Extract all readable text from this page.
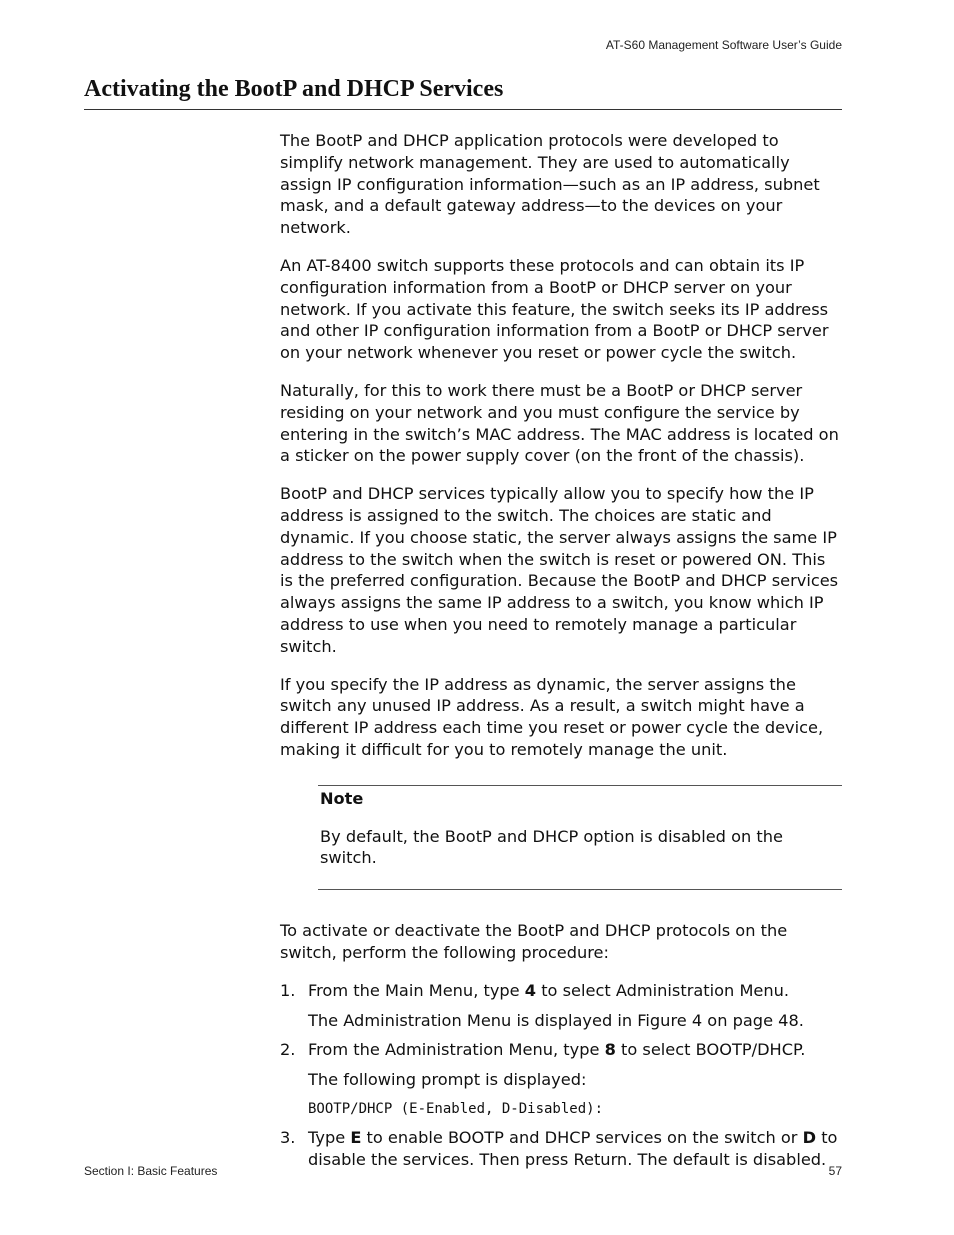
AT-S60 Management Software User’s Guide
Activating the BootP and DHCP Services

The BootP and DHCP application protocols were developed to simplify network management. They are used to automatically assign IP configuration information—such as an IP address, subnet mask, and a default gateway address—to the devices on your network.

An AT-8400 switch supports these protocols and can obtain its IP configuration information from a BootP or DHCP server on your network. If you activate this feature, the switch seeks its IP address and other IP configuration information from a BootP or DHCP server on your network whenever you reset or power cycle the switch.

Naturally, for this to work there must be a BootP or DHCP server residing on your network and you must configure the service by entering in the switch’s MAC address. The MAC address is located on a sticker on the power supply cover (on the front of the chassis).

BootP and DHCP services typically allow you to specify how the IP address is assigned to the switch. The choices are static and dynamic. If you choose static, the server always assigns the same IP address to the switch when the switch is reset or powered ON. This is the preferred configuration. Because the BootP and DHCP services always assigns the same IP address to a switch, you know which IP address to use when you need to remotely manage a particular switch.

If you specify the IP address as dynamic, the server assigns the switch any unused IP address. As a result, a switch might have a different IP address each time you reset or power cycle the device, making it difficult for you to remotely manage the unit.

Note

By default, the BootP and DHCP option is disabled on the switch.

To activate or deactivate the BootP and DHCP protocols on the switch, perform the following procedure:

1. From the Main Menu, type 4 to select Administration Menu.
The Administration Menu is displayed in Figure 4 on page 48.
2. From the Administration Menu, type 8 to select BOOTP/DHCP.
The following prompt is displayed:
BOOTP/DHCP (E-Enabled, D-Disabled):
3. Type E to enable BOOTP and DHCP services on the switch or D to disable the services. Then press Return. The default is disabled.
Section I: Basic Features	57
